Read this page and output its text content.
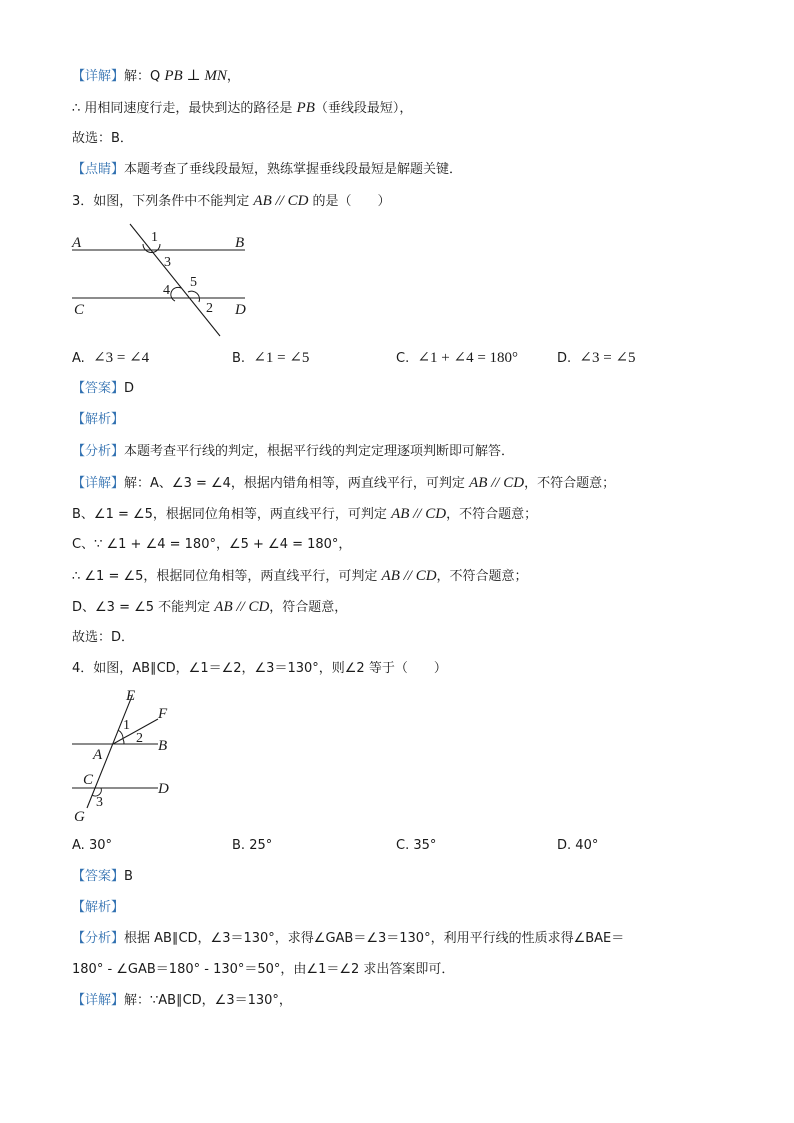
【详解】解：Q PB ⊥ MN，
∴ 用相同速度行走，最快到达的路径是 PB（垂线段最短），
故选：B．
【点睛】本题考查了垂线段最短，熟练掌握垂线段最短是解题关键．
3．如图，下列条件中不能判定 AB // CD 的是（　　）
A	B
C	D
1
3
4
5
2
A. ∠3 = ∠4	B. ∠1 = ∠5	C. ∠1 + ∠4 = 180°	D. ∠3 = ∠5
【答案】D
【解析】
【分析】本题考查平行线的判定，根据平行线的判定定理逐项判断即可解答．
【详解】解：A、∠3 = ∠4，根据内错角相等，两直线平行，可判定 AB // CD，不符合题意；
B、∠1 = ∠5，根据同位角相等，两直线平行，可判定 AB // CD，不符合题意；
C、∵ ∠1 + ∠4 = 180°，∠5 + ∠4 = 180°，
∴ ∠1 = ∠5，根据同位角相等，两直线平行，可判定 AB // CD，不符合题意；
D、∠3 = ∠5 不能判定 AB // CD，符合题意，
故选：D．
4．如图，AB∥CD，∠1＝∠2，∠3＝130°，则∠2 等于（　　）
E
F
A
B
C
D
G
1
2
3
A. 30°	B. 25°	C. 35°	D. 40°
【答案】B
【解析】
【分析】根据 AB∥CD，∠3＝130°，求得∠GAB＝∠3＝130°，利用平行线的性质求得∠BAE＝
180° - ∠GAB＝180° - 130°＝50°，由∠1＝∠2 求出答案即可．
【详解】解：∵AB∥CD，∠3＝130°，
